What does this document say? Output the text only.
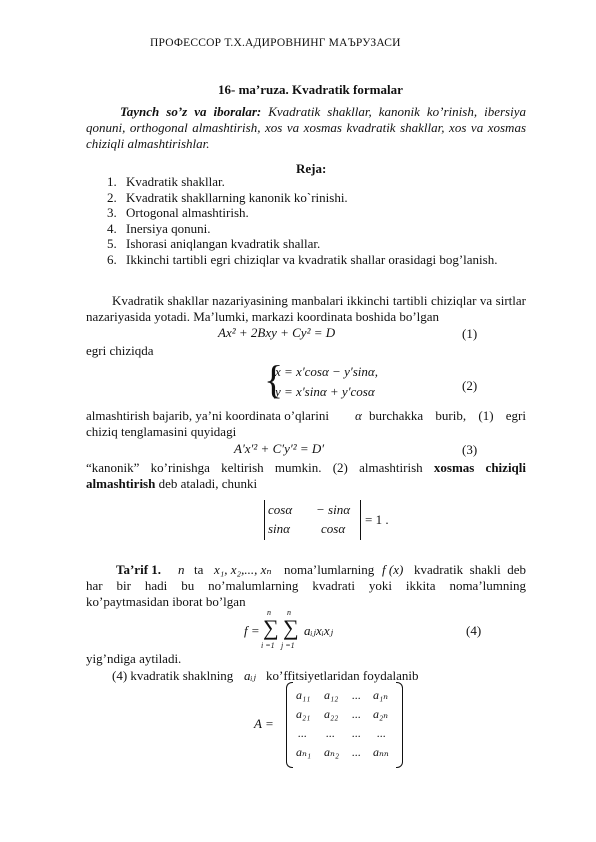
ПРОФЕССОР Т.Х.АДИРОВНИНГ МАЪРУЗАСИ
16- ma’ruza. Kvadratik formalar
Taynch so’z va iboralar: Kvadratik shakllar, kanonik ko’rinish, ibersiya qonuni, orthogonal almashtirish, xos va xosmas kvadratik shakllar, xos va xosmas chiziqli almashtirishlar.
Reja:
1. Kvadratik shakllar.
2. Kvadratik shakllarning kanonik ko`rinishi.
3. Ortogonal almashtirish.
4. Inersiya qonuni.
5. Ishorasi aniqlangan kvadratik shallar.
6. Ikkinchi tartibli egri chiziqlar va kvadratik shallar orasidagi bog’lanish.
Kvadratik shakllar nazariyasining manbalari ikkinchi tartibli chiziqlar va sirtlar nazariyasida yotadi. Ma’lumki, markazi koordinata boshida bo’lgan
Ax² + 2Bxy + Cy² = D	(1)
egri chiziqda
{
x = x′cosα − y′sinα,
y = x′sinα + y′cosα	(2)
almashtirish bajarib, ya’ni koordinata o’qlarini α burchakka burib, (1) egri chiziq tenglamasini quyidagi
A′x′² + C′y′² = D′	(3)
“kanonik” ko’rinishga keltirish mumkin. (2) almashtirish xosmas chiziqli almashtirish deb ataladi, chunki
cosα − sinα
sinα cosα
= 1 .
Ta’rif 1. n ta x₁, x₂,..., xₙ noma’lumlarning f (x) kvadratik shakli deb har bir hadi bu no’malumlarning kvadrati yoki ikkita noma’lumning ko’paytmasidan iborat bo’lgan
f =
n
∑
i =1
n
∑
j =1
aᵢⱼxᵢxⱼ	(4)
yig’ndiga aytiladi.
(4) kvadratik shaklning aᵢⱼ ko’ffitsiyetlaridan foydalanib
A =
a₁₁ a₁₂ ... a₁ₙ
a₂₁ a₂₂ ... a₂ₙ
... ... ... ...
aₙ₁ aₙ₂ ... aₙₙ
